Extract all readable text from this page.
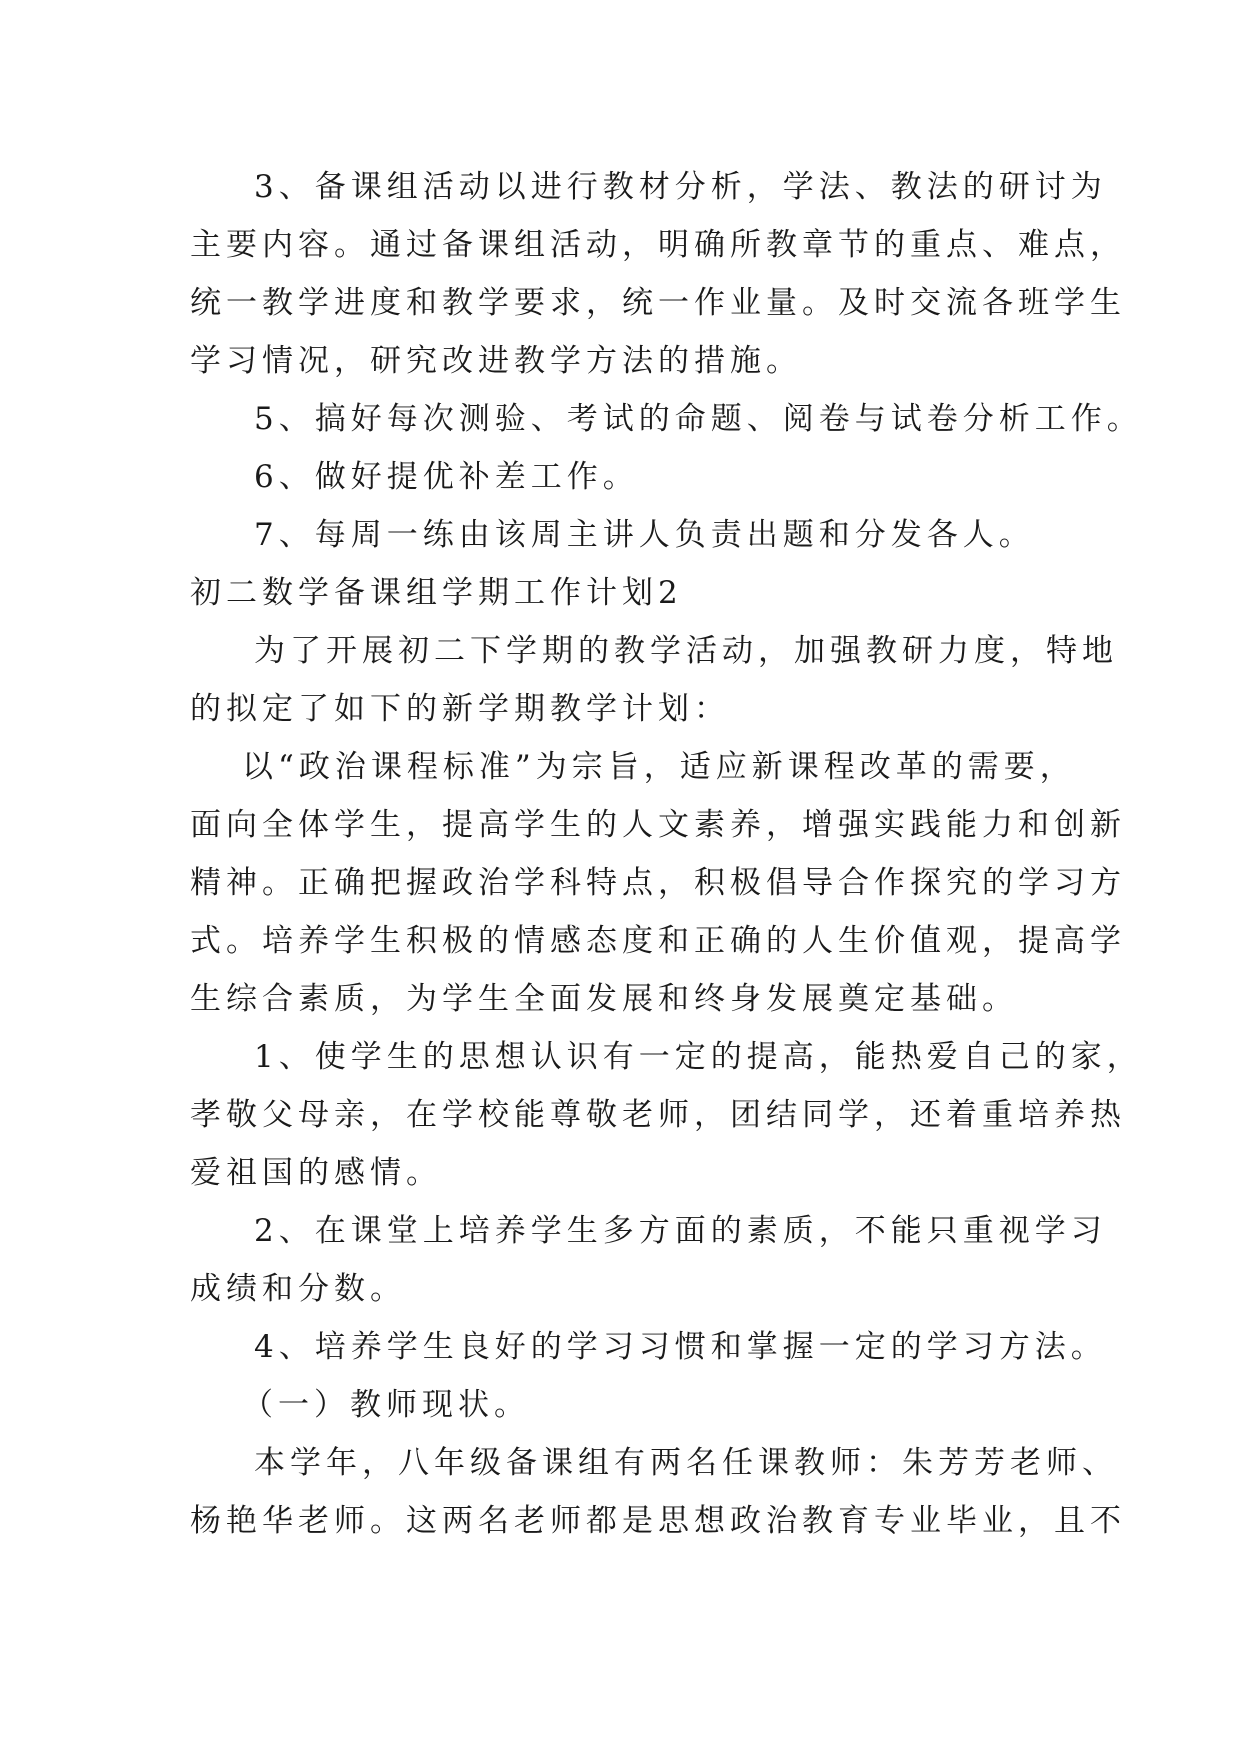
3、备课组活动以进行教材分析，学法、教法的研讨为
主要内容。通过备课组活动，明确所教章节的重点、难点，
统一教学进度和教学要求，统一作业量。及时交流各班学生
学习情况，研究改进教学方法的措施。
5、搞好每次测验、考试的命题、阅卷与试卷分析工作。
6、做好提优补差工作。
7、每周一练由该周主讲人负责出题和分发各人。
初二数学备课组学期工作计划2
为了开展初二下学期的教学活动，加强教研力度，特地
的拟定了如下的新学期教学计划：
以“政治课程标准”为宗旨，适应新课程改革的需要，
面向全体学生，提高学生的人文素养，增强实践能力和创新
精神。正确把握政治学科特点，积极倡导合作探究的学习方
式。培养学生积极的情感态度和正确的人生价值观，提高学
生综合素质，为学生全面发展和终身发展奠定基础。
1、使学生的思想认识有一定的提高，能热爱自己的家，
孝敬父母亲，在学校能尊敬老师，团结同学，还着重培养热
爱祖国的感情。
2、在课堂上培养学生多方面的素质，不能只重视学习
成绩和分数。
4、培养学生良好的学习习惯和掌握一定的学习方法。
（一）教师现状。
本学年，八年级备课组有两名任课教师：朱芳芳老师、
杨艳华老师。这两名老师都是思想政治教育专业毕业，且不
